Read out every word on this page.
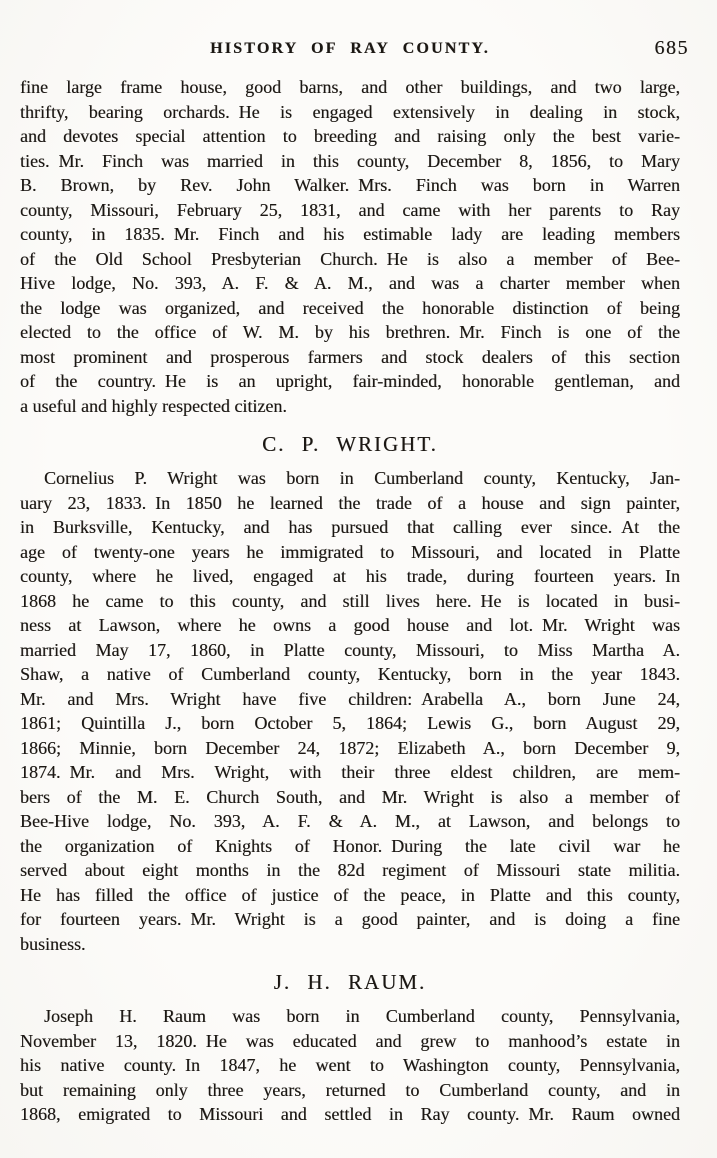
HISTORY OF RAY COUNTY.	685
fine large frame house, good barns, and other buildings, and two large,
thrifty, bearing orchards. He is engaged extensively in dealing in stock,
and devotes special attention to breeding and raising only the best varie-
ties. Mr. Finch was married in this county, December 8, 1856, to Mary
B. Brown, by Rev. John Walker. Mrs. Finch was born in Warren
county, Missouri, February 25, 1831, and came with her parents to Ray
county, in 1835. Mr. Finch and his estimable lady are leading members
of the Old School Presbyterian Church. He is also a member of Bee-
Hive lodge, No. 393, A. F. & A. M., and was a charter member when
the lodge was organized, and received the honorable distinction of being
elected to the office of W. M. by his brethren. Mr. Finch is one of the
most prominent and prosperous farmers and stock dealers of this section
of the country. He is an upright, fair-minded, honorable gentleman, and
a useful and highly respected citizen.
C. P. WRIGHT.
Cornelius P. Wright was born in Cumberland county, Kentucky, Jan-
uary 23, 1833. In 1850 he learned the trade of a house and sign painter,
in Burksville, Kentucky, and has pursued that calling ever since. At the
age of twenty-one years he immigrated to Missouri, and located in Platte
county, where he lived, engaged at his trade, during fourteen years. In
1868 he came to this county, and still lives here. He is located in busi-
ness at Lawson, where he owns a good house and lot. Mr. Wright was
married May 17, 1860, in Platte county, Missouri, to Miss Martha A.
Shaw, a native of Cumberland county, Kentucky, born in the year 1843.
Mr. and Mrs. Wright have five children: Arabella A., born June 24,
1861; Quintilla J., born October 5, 1864; Lewis G., born August 29,
1866; Minnie, born December 24, 1872; Elizabeth A., born December 9,
1874. Mr. and Mrs. Wright, with their three eldest children, are mem-
bers of the M. E. Church South, and Mr. Wright is also a member of
Bee-Hive lodge, No. 393, A. F. & A. M., at Lawson, and belongs to
the organization of Knights of Honor. During the late civil war he
served about eight months in the 82d regiment of Missouri state militia.
He has filled the office of justice of the peace, in Platte and this county,
for fourteen years. Mr. Wright is a good painter, and is doing a fine
business.
J. H. RAUM.
Joseph H. Raum was born in Cumberland county, Pennsylvania,
November 13, 1820. He was educated and grew to manhood’s estate in
his native county. In 1847, he went to Washington county, Pennsylvania,
but remaining only three years, returned to Cumberland county, and in
1868, emigrated to Missouri and settled in Ray county. Mr. Raum owned
